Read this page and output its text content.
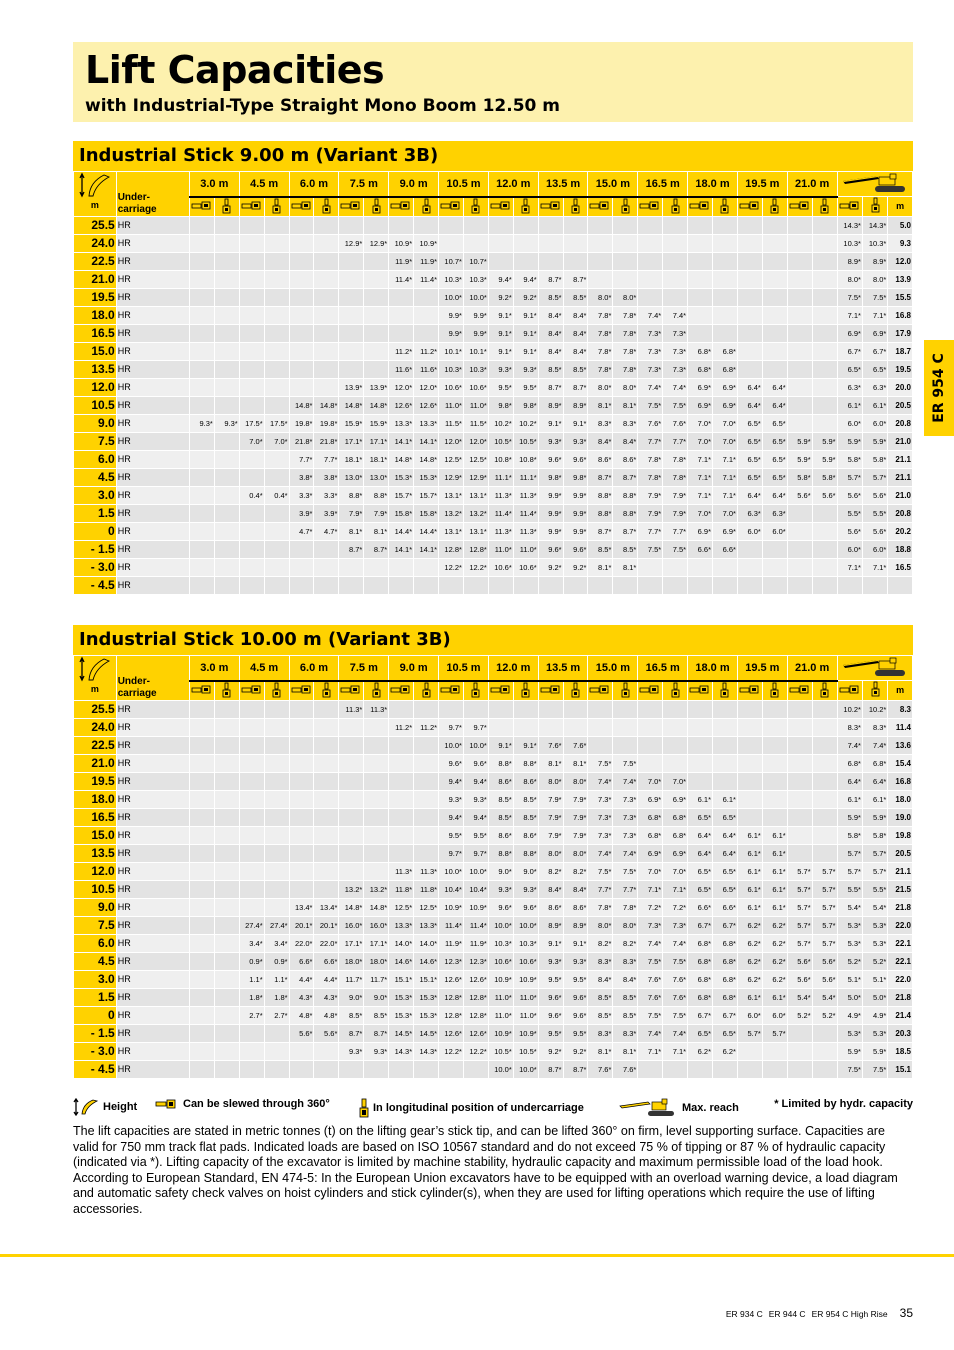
Lift Capacities
with Industrial-Type Straight Mono Boom 12.50 m
ER 954 C
Industrial Stick 9.00 m (Variant 3B)
m	Under-
carriage	3.0 m		4.5 m		6.0 m		7.5 m		9.0 m		10.5 m		12.0 m		13.5 m		15.0 m		16.5 m		18.0 m		19.5 m		21.0 m	
																												m
25.5	HR																											14.3*	14.3*	5.0
24.0	HR							12.9*	12.9*	10.9*	10.9*																	10.3*	10.3*	9.3
22.5	HR									11.9*	11.9*	10.7*	10.7*															8.9*	8.9*	12.0
21.0	HR									11.4*	11.4*	10.3*	10.3*	9.4*	9.4*	8.7*	8.7*											8.0*	8.0*	13.9
19.5	HR											10.0*	10.0*	9.2*	9.2*	8.5*	8.5*	8.0*	8.0*									7.5*	7.5*	15.5
18.0	HR											9.9*	9.9*	9.1*	9.1*	8.4*	8.4*	7.8*	7.8*	7.4*	7.4*							7.1*	7.1*	16.8
16.5	HR											9.9*	9.9*	9.1*	9.1*	8.4*	8.4*	7.8*	7.8*	7.3*	7.3*							6.9*	6.9*	17.9
15.0	HR									11.2*	11.2*	10.1*	10.1*	9.1*	9.1*	8.4*	8.4*	7.8*	7.8*	7.3*	7.3*	6.8*	6.8*					6.7*	6.7*	18.7
13.5	HR									11.6*	11.6*	10.3*	10.3*	9.3*	9.3*	8.5*	8.5*	7.8*	7.8*	7.3*	7.3*	6.8*	6.8*					6.5*	6.5*	19.5
12.0	HR							13.9*	13.9*	12.0*	12.0*	10.6*	10.6*	9.5*	9.5*	8.7*	8.7*	8.0*	8.0*	7.4*	7.4*	6.9*	6.9*	6.4*	6.4*			6.3*	6.3*	20.0
10.5	HR					14.8*	14.8*	14.8*	14.8*	12.6*	12.6*	11.0*	11.0*	9.8*	9.8*	8.9*	8.9*	8.1*	8.1*	7.5*	7.5*	6.9*	6.9*	6.4*	6.4*			6.1*	6.1*	20.5
9.0	HR	9.3*	9.3*	17.5*	17.5*	19.8*	19.8*	15.9*	15.9*	13.3*	13.3*	11.5*	11.5*	10.2*	10.2*	9.1*	9.1*	8.3*	8.3*	7.6*	7.6*	7.0*	7.0*	6.5*	6.5*			6.0*	6.0*	20.8
7.5	HR			7.0*	7.0*	21.8*	21.8*	17.1*	17.1*	14.1*	14.1*	12.0*	12.0*	10.5*	10.5*	9.3*	9.3*	8.4*	8.4*	7.7*	7.7*	7.0*	7.0*	6.5*	6.5*	5.9*	5.9*	5.9*	5.9*	21.0
6.0	HR					7.7*	7.7*	18.1*	18.1*	14.8*	14.8*	12.5*	12.5*	10.8*	10.8*	9.6*	9.6*	8.6*	8.6*	7.8*	7.8*	7.1*	7.1*	6.5*	6.5*	5.9*	5.9*	5.8*	5.8*	21.1
4.5	HR					3.8*	3.8*	13.0*	13.0*	15.3*	15.3*	12.9*	12.9*	11.1*	11.1*	9.8*	9.8*	8.7*	8.7*	7.8*	7.8*	7.1*	7.1*	6.5*	6.5*	5.8*	5.8*	5.7*	5.7*	21.1
3.0	HR			0.4*	0.4*	3.3*	3.3*	8.8*	8.8*	15.7*	15.7*	13.1*	13.1*	11.3*	11.3*	9.9*	9.9*	8.8*	8.8*	7.9*	7.9*	7.1*	7.1*	6.4*	6.4*	5.6*	5.6*	5.6*	5.6*	21.0
1.5	HR					3.9*	3.9*	7.9*	7.9*	15.8*	15.8*	13.2*	13.2*	11.4*	11.4*	9.9*	9.9*	8.8*	8.8*	7.9*	7.9*	7.0*	7.0*	6.3*	6.3*			5.5*	5.5*	20.8
0	HR					4.7*	4.7*	8.1*	8.1*	14.4*	14.4*	13.1*	13.1*	11.3*	11.3*	9.9*	9.9*	8.7*	8.7*	7.7*	7.7*	6.9*	6.9*	6.0*	6.0*			5.6*	5.6*	20.2
- 1.5	HR							8.7*	8.7*	14.1*	14.1*	12.8*	12.8*	11.0*	11.0*	9.6*	9.6*	8.5*	8.5*	7.5*	7.5*	6.6*	6.6*					6.0*	6.0*	18.8
- 3.0	HR											12.2*	12.2*	10.6*	10.6*	9.2*	9.2*	8.1*	8.1*									7.1*	7.1*	16.5
- 4.5	HR																													
Industrial Stick 10.00 m (Variant 3B)
m	Under-
carriage	3.0 m		4.5 m		6.0 m		7.5 m		9.0 m		10.5 m		12.0 m		13.5 m		15.0 m		16.5 m		18.0 m		19.5 m		21.0 m	
																												m
25.5	HR							11.3*	11.3*																			10.2*	10.2*	8.3
24.0	HR									11.2*	11.2*	9.7*	9.7*															8.3*	8.3*	11.4
22.5	HR											10.0*	10.0*	9.1*	9.1*	7.6*	7.6*											7.4*	7.4*	13.6
21.0	HR											9.6*	9.6*	8.8*	8.8*	8.1*	8.1*	7.5*	7.5*									6.8*	6.8*	15.4
19.5	HR											9.4*	9.4*	8.6*	8.6*	8.0*	8.0*	7.4*	7.4*	7.0*	7.0*							6.4*	6.4*	16.8
18.0	HR											9.3*	9.3*	8.5*	8.5*	7.9*	7.9*	7.3*	7.3*	6.9*	6.9*	6.1*	6.1*					6.1*	6.1*	18.0
16.5	HR											9.4*	9.4*	8.5*	8.5*	7.9*	7.9*	7.3*	7.3*	6.8*	6.8*	6.5*	6.5*					5.9*	5.9*	19.0
15.0	HR											9.5*	9.5*	8.6*	8.6*	7.9*	7.9*	7.3*	7.3*	6.8*	6.8*	6.4*	6.4*	6.1*	6.1*			5.8*	5.8*	19.8
13.5	HR											9.7*	9.7*	8.8*	8.8*	8.0*	8.0*	7.4*	7.4*	6.9*	6.9*	6.4*	6.4*	6.1*	6.1*			5.7*	5.7*	20.5
12.0	HR									11.3*	11.3*	10.0*	10.0*	9.0*	9.0*	8.2*	8.2*	7.5*	7.5*	7.0*	7.0*	6.5*	6.5*	6.1*	6.1*	5.7*	5.7*	5.7*	5.7*	21.1
10.5	HR							13.2*	13.2*	11.8*	11.8*	10.4*	10.4*	9.3*	9.3*	8.4*	8.4*	7.7*	7.7*	7.1*	7.1*	6.5*	6.5*	6.1*	6.1*	5.7*	5.7*	5.5*	5.5*	21.5
9.0	HR					13.4*	13.4*	14.8*	14.8*	12.5*	12.5*	10.9*	10.9*	9.6*	9.6*	8.6*	8.6*	7.8*	7.8*	7.2*	7.2*	6.6*	6.6*	6.1*	6.1*	5.7*	5.7*	5.4*	5.4*	21.8
7.5	HR			27.4*	27.4*	20.1*	20.1*	16.0*	16.0*	13.3*	13.3*	11.4*	11.4*	10.0*	10.0*	8.9*	8.9*	8.0*	8.0*	7.3*	7.3*	6.7*	6.7*	6.2*	6.2*	5.7*	5.7*	5.3*	5.3*	22.0
6.0	HR			3.4*	3.4*	22.0*	22.0*	17.1*	17.1*	14.0*	14.0*	11.9*	11.9*	10.3*	10.3*	9.1*	9.1*	8.2*	8.2*	7.4*	7.4*	6.8*	6.8*	6.2*	6.2*	5.7*	5.7*	5.3*	5.3*	22.1
4.5	HR			0.9*	0.9*	6.6*	6.6*	18.0*	18.0*	14.6*	14.6*	12.3*	12.3*	10.6*	10.6*	9.3*	9.3*	8.3*	8.3*	7.5*	7.5*	6.8*	6.8*	6.2*	6.2*	5.6*	5.6*	5.2*	5.2*	22.1
3.0	HR			1.1*	1.1*	4.4*	4.4*	11.7*	11.7*	15.1*	15.1*	12.6*	12.6*	10.9*	10.9*	9.5*	9.5*	8.4*	8.4*	7.6*	7.6*	6.8*	6.8*	6.2*	6.2*	5.6*	5.6*	5.1*	5.1*	22.0
1.5	HR			1.8*	1.8*	4.3*	4.3*	9.0*	9.0*	15.3*	15.3*	12.8*	12.8*	11.0*	11.0*	9.6*	9.6*	8.5*	8.5*	7.6*	7.6*	6.8*	6.8*	6.1*	6.1*	5.4*	5.4*	5.0*	5.0*	21.8
0	HR			2.7*	2.7*	4.8*	4.8*	8.5*	8.5*	15.3*	15.3*	12.8*	12.8*	11.0*	11.0*	9.6*	9.6*	8.5*	8.5*	7.5*	7.5*	6.7*	6.7*	6.0*	6.0*	5.2*	5.2*	4.9*	4.9*	21.4
- 1.5	HR					5.6*	5.6*	8.7*	8.7*	14.5*	14.5*	12.6*	12.6*	10.9*	10.9*	9.5*	9.5*	8.3*	8.3*	7.4*	7.4*	6.5*	6.5*	5.7*	5.7*			5.3*	5.3*	20.3
- 3.0	HR							9.3*	9.3*	14.3*	14.3*	12.2*	12.2*	10.5*	10.5*	9.2*	9.2*	8.1*	8.1*	7.1*	7.1*	6.2*	6.2*					5.9*	5.9*	18.5
- 4.5	HR													10.0*	10.0*	8.7*	8.7*	7.6*	7.6*									7.5*	7.5*	15.1
Height	Can be slewed through 360°	In longitudinal position of undercarriage	Max. reach	* Limited by hydr. capacity

The lift capacities are stated in metric tonnes (t) on the lifting gear’s stick tip, and can be lifted 360° on firm, level supporting surface. Capacities are valid for 750 mm track flat pads. Indicated loads are based on ISO 10567 standard and do not exceed 75 % of tipping or 87 % of hydraulic capacity (indicated via *). Lifting capacity of the excavator is limited by machine stability, hydraulic capacity and maximum permissible load of the load hook.

According to European Standard, EN 474-5: In the European Union excavators have to be equipped with an overload warning device, a load diagram and automatic safety check valves on hoist cylinders and stick cylinder(s), when they are used for lifting operations which require the use of lifting accessories.

ER 934 C ER 944 C ER 954 C High Rise 35
